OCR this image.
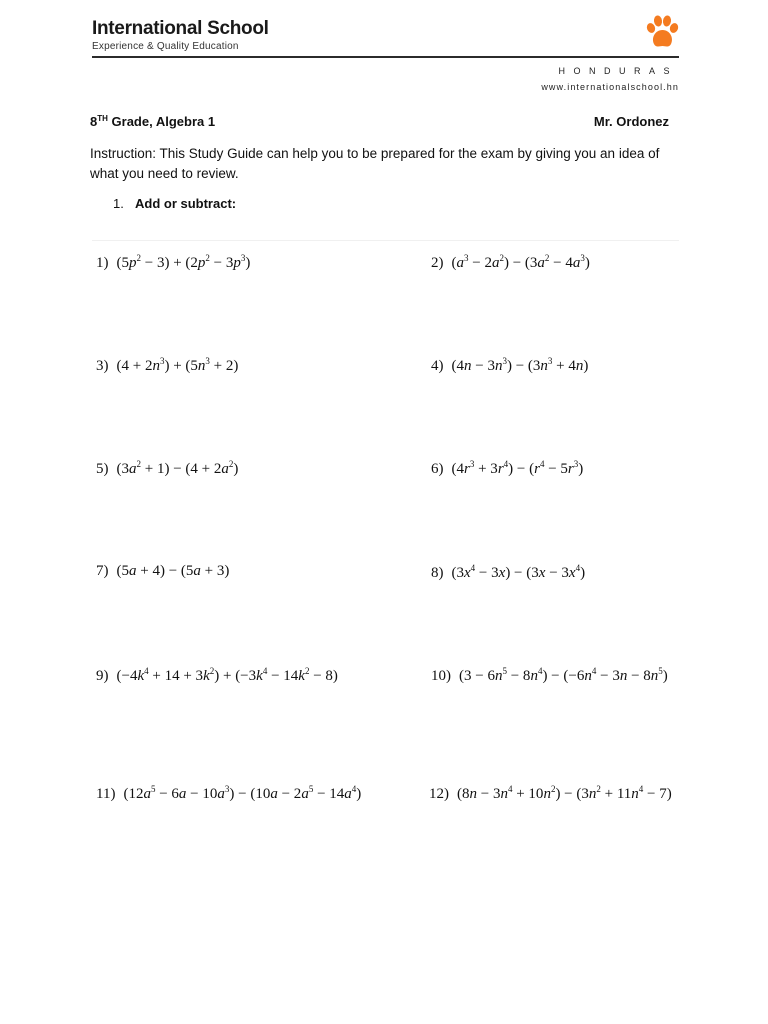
International School
Experience & Quality Education
HONDURAS
www.internationalschool.hn
8TH Grade, Algebra 1	Mr. Ordonez
Instruction: This Study Guide can help you to be prepared for the exam by giving you an idea of what you need to review.
1. Add or subtract:
1) $(5p^2 - 3) + (2p^2 - 3p^3)$	2) $(a^3 - 2a^2) - (3a^2 - 4a^3)$
3) $(4 + 2n^3) + (5n^3 + 2)$	4) $(4n - 3n^3) - (3n^3 + 4n)$
5) $(3a^2 + 1) - (4 + 2a^2)$	6) $(4r^3 + 3r^4) - (r^4 - 5r^3)$
7) (5a + 4) − (5a + 3)	8) $(3x^4 - 3x) - (3x - 3x^4)$
9) $(-4k^4 + 14 + 3k^2) + (-3k^4 - 14k^2 - 8)$	10) $(3 - 6n^5 - 8n^4) - (-6n^4 - 3n - 8n^5)$
11) $(12a^5 - 6a - 10a^3) - (10a - 2a^5 - 14a^4)$	12) $(8n - 3n^4 + 10n^2) - (3n^2 + 11n^4 - 7)$
